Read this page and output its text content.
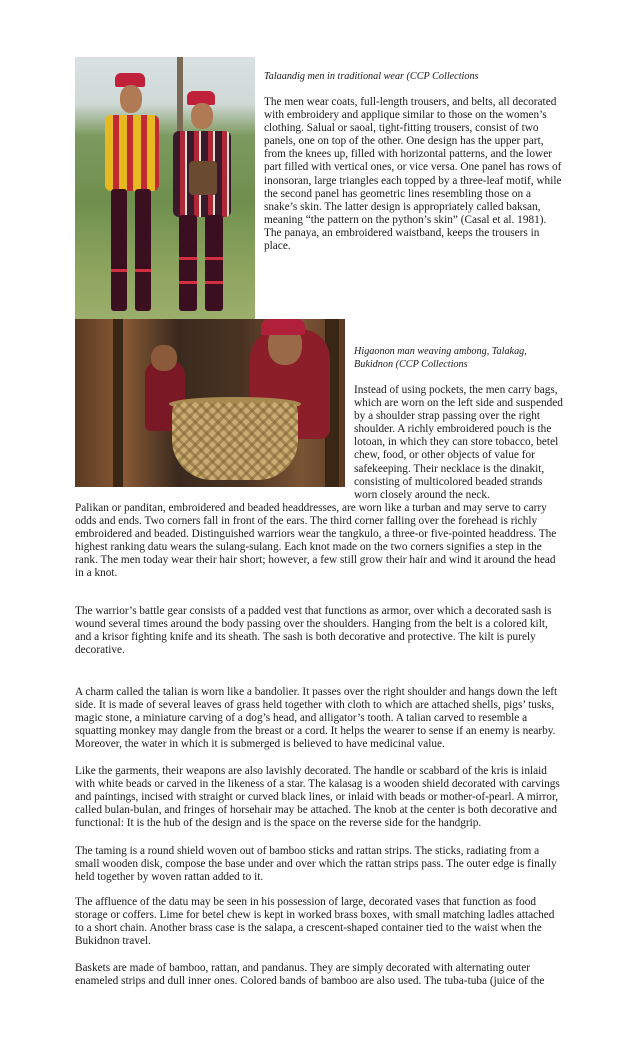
Talaandig men in traditional wear (CCP Collections

The men wear coats, full-length trousers, and belts, all decorated with embroidery and applique similar to those on the women’s clothing. Salual or saoal, tight-fitting trousers, consist of two panels, one on top of the other. One design has the upper part, from the knees up, filled with horizontal patterns, and the lower part filled with vertical ones, or vice versa. One panel has rows of inonsoran, large triangles each topped by a three-leaf motif, while the second panel has geometric lines resembling those on a snake’s skin. The latter design is appropriately called baksan, meaning “the pattern on the python’s skin” (Casal et al. 1981). The panaya, an embroidered waistband, keeps the trousers in place.

Higaonon man weaving ambong, Talakag, Bukidnon (CCP Collections

Instead of using pockets, the men carry bags, which are worn on the left side and suspended by a shoulder strap passing over the right shoulder. A richly embroidered pouch is the lotoan, in which they can store tobacco, betel chew, food, or other objects of value for safekeeping. Their necklace is the dinakit, consisting of multicolored beaded strands worn closely around the neck.

Palikan or panditan, embroidered and beaded headdresses, are worn like a turban and may serve to carry odds and ends. Two corners fall in front of the ears. The third corner falling over the forehead is richly embroidered and beaded. Distinguished warriors wear the tangkulo, a three-or five-pointed headdress. The highest ranking datu wears the sulang-sulang. Each knot made on the two corners signifies a step in the rank. The men today wear their hair short; however, a few still grow their hair and wind it around the head in a knot.

The warrior’s battle gear consists of a padded vest that functions as armor, over which a decorated sash is wound several times around the body passing over the shoulders. Hanging from the belt is a colored kilt, and a krisor fighting knife and its sheath. The sash is both decorative and protective. The kilt is purely decorative.

A charm called the talian is worn like a bandolier. It passes over the right shoulder and hangs down the left side. It is made of several leaves of grass held together with cloth to which are attached shells, pigs’ tusks, magic stone, a miniature carving of a dog’s head, and alligator’s tooth. A talian carved to resemble a squatting monkey may dangle from the breast or a cord. It helps the wearer to sense if an enemy is nearby. Moreover, the water in which it is submerged is believed to have medicinal value.

Like the garments, their weapons are also lavishly decorated. The handle or scabbard of the kris is inlaid with white beads or carved in the likeness of a star. The kalasag is a wooden shield decorated with carvings and paintings, incised with straight or curved black lines, or inlaid with beads or mother-of-pearl. A mirror, called bulan-bulan, and fringes of horsehair may be attached. The knob at the center is both decorative and functional: It is the hub of the design and is the space on the reverse side for the handgrip.

The taming is a round shield woven out of bamboo sticks and rattan strips. The sticks, radiating from a small wooden disk, compose the base under and over which the rattan strips pass. The outer edge is finally held together by woven rattan added to it.

The affluence of the datu may be seen in his possession of large, decorated vases that function as food storage or coffers. Lime for betel chew is kept in worked brass boxes, with small matching ladles attached to a short chain. Another brass case is the salapa, a crescent-shaped container tied to the waist when the Bukidnon travel.

Baskets are made of bamboo, rattan, and pandanus. They are simply decorated with alternating outer enameled strips and dull inner ones. Colored bands of bamboo are also used. The tuba-tuba (juice of the
